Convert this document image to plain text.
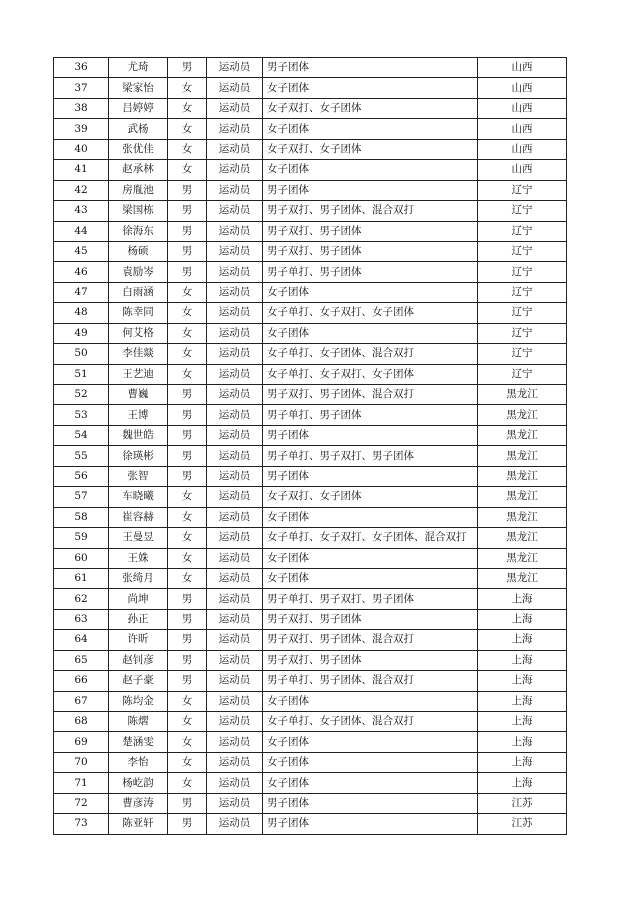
36	尤琦	男	运动员	男子团体	山西
37	梁家怡	女	运动员	女子团体	山西
38	吕婷婷	女	运动员	女子双打、女子团体	山西
39	武杨	女	运动员	女子团体	山西
40	张优佳	女	运动员	女子双打、女子团体	山西
41	赵承林	女	运动员	女子团体	山西
42	房胤池	男	运动员	男子团体	辽宁
43	梁国栋	男	运动员	男子双打、男子团体、混合双打	辽宁
44	徐海东	男	运动员	男子双打、男子团体	辽宁
45	杨硕	男	运动员	男子双打、男子团体	辽宁
46	袁励岑	男	运动员	男子单打、男子团体	辽宁
47	白雨涵	女	运动员	女子团体	辽宁
48	陈幸同	女	运动员	女子单打、女子双打、女子团体	辽宁
49	何艾格	女	运动员	女子团体	辽宁
50	李佳燚	女	运动员	女子单打、女子团体、混合双打	辽宁
51	王艺迪	女	运动员	女子单打、女子双打、女子团体	辽宁
52	曹巍	男	运动员	男子双打、男子团体、混合双打	黑龙江
53	王博	男	运动员	男子单打、男子团体	黑龙江
54	魏世皓	男	运动员	男子团体	黑龙江
55	徐瑛彬	男	运动员	男子单打、男子双打、男子团体	黑龙江
56	张智	男	运动员	男子团体	黑龙江
57	车晓曦	女	运动员	女子双打、女子团体	黑龙江
58	崔容赫	女	运动员	女子团体	黑龙江
59	王曼昱	女	运动员	女子单打、女子双打、女子团体、混合双打	黑龙江
60	王姝	女	运动员	女子团体	黑龙江
61	张绮月	女	运动员	女子团体	黑龙江
62	尚坤	男	运动员	男子单打、男子双打、男子团体	上海
63	孙正	男	运动员	男子双打、男子团体	上海
64	许昕	男	运动员	男子双打、男子团体、混合双打	上海
65	赵钊彦	男	运动员	男子双打、男子团体	上海
66	赵子豪	男	运动员	男子单打、男子团体、混合双打	上海
67	陈均金	女	运动员	女子团体	上海
68	陈熠	女	运动员	女子单打、女子团体、混合双打	上海
69	楚涵雯	女	运动员	女子团体	上海
70	李怡	女	运动员	女子团体	上海
71	杨屹韵	女	运动员	女子团体	上海
72	曹彦涛	男	运动员	男子团体	江苏
73	陈亚轩	男	运动员	男子团体	江苏
